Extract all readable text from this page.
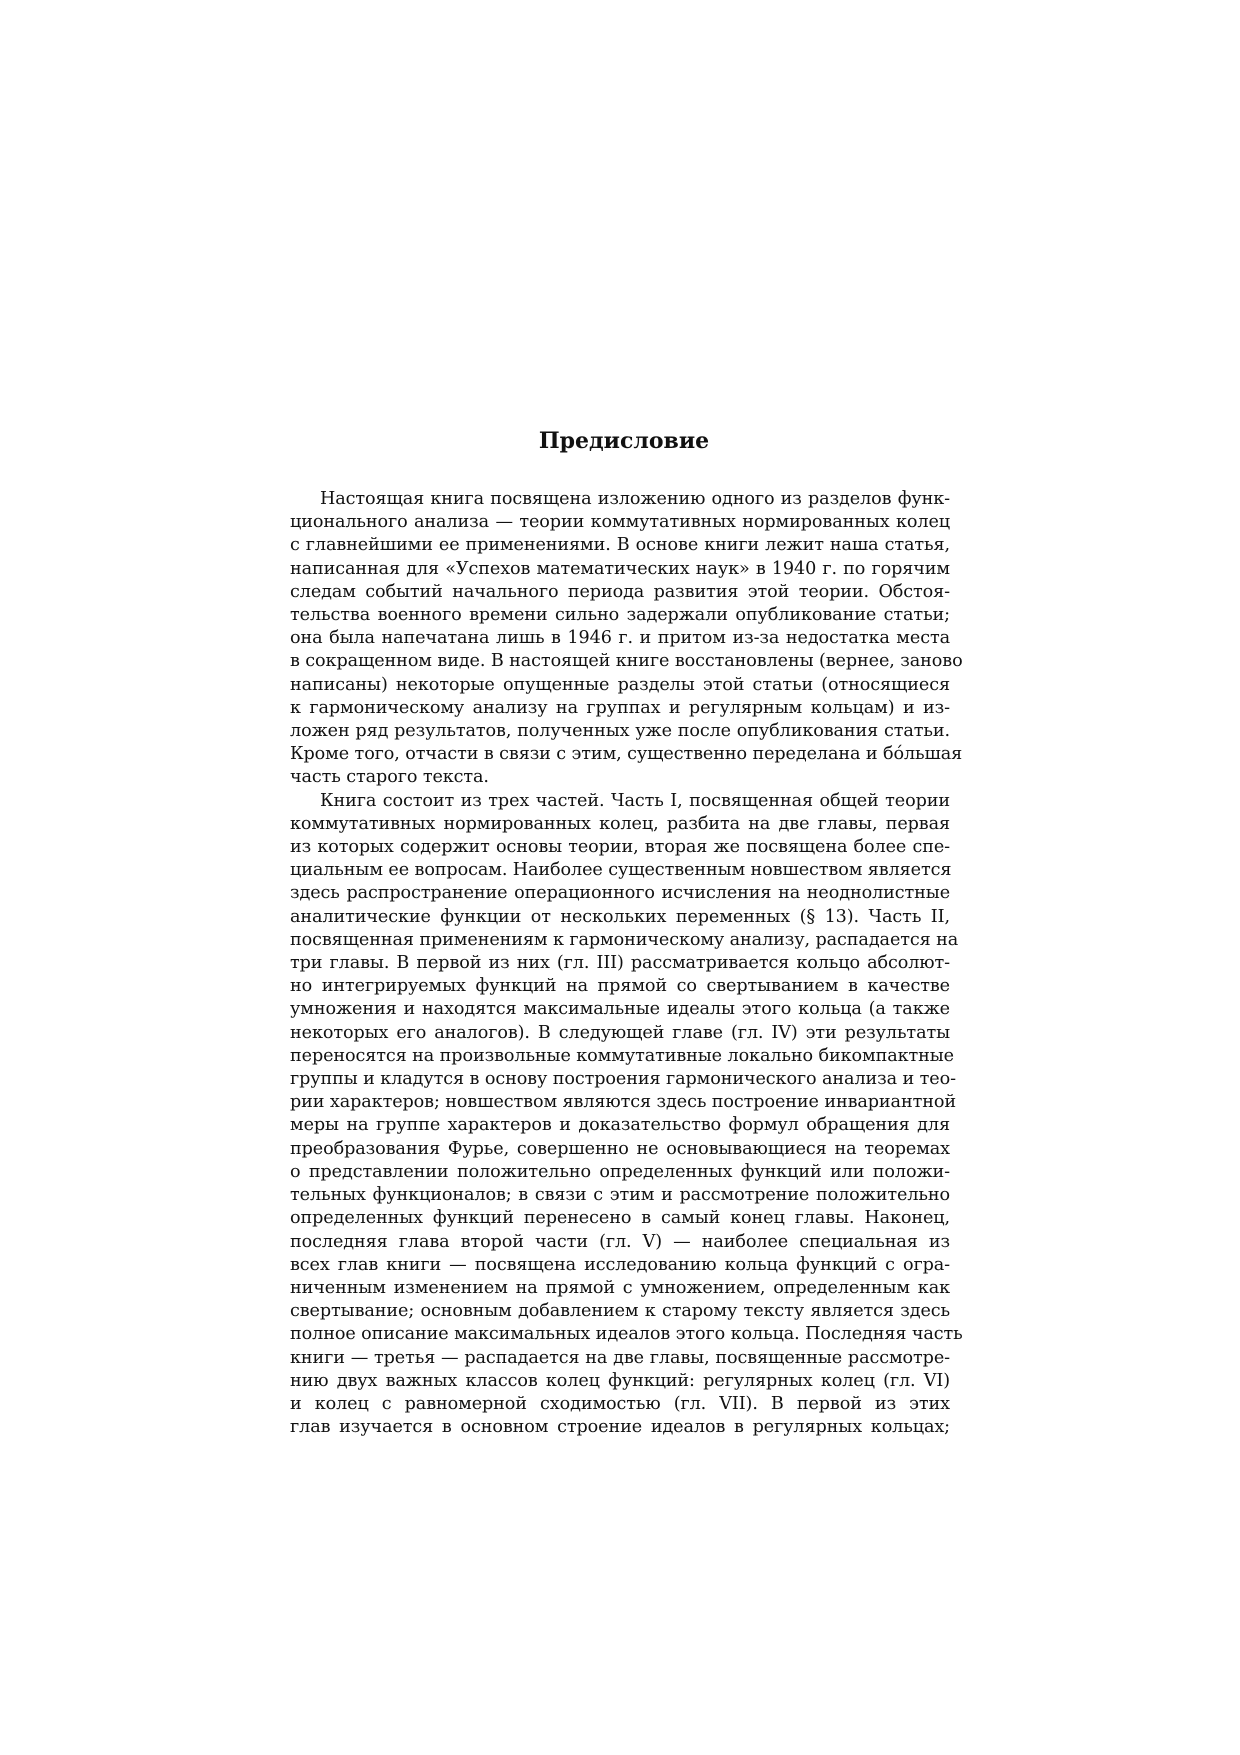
Предисловие

Настоящая книга посвящена изложению одного из разделов функ-
ционального анализа — теории коммутативных нормированных колец
с главнейшими ее применениями. В основе книги лежит наша статья,
написанная для «Успехов математических наук» в 1940 г. по горячим
следам событий начального периода развития этой теории. Обстоя-
тельства военного времени сильно задержали опубликование статьи;
она была напечатана лишь в 1946 г. и притом из-за недостатка места
в сокращенном виде. В настоящей книге восстановлены (вернее, заново
написаны) некоторые опущенные разделы этой статьи (относящиеся
к гармоническому анализу на группах и регулярным кольцам) и из-
ложен ряд результатов, полученных уже после опубликования статьи.
Кроме того, отчасти в связи с этим, существенно переделана и бóльшая
часть старого текста.

Книга состоит из трех частей. Часть I, посвященная общей теории
коммутативных нормированных колец, разбита на две главы, первая
из которых содержит основы теории, вторая же посвящена более спе-
циальным ее вопросам. Наиболее существенным новшеством является
здесь распространение операционного исчисления на неоднолистные
аналитические функции от нескольких переменных (§ 13). Часть II,
посвященная применениям к гармоническому анализу, распадается на
три главы. В первой из них (гл. III) рассматривается кольцо абсолют-
но интегрируемых функций на прямой со свертыванием в качестве
умножения и находятся максимальные идеалы этого кольца (а также
некоторых его аналогов). В следующей главе (гл. IV) эти результаты
переносятся на произвольные коммутативные локально бикомпактные
группы и кладутся в основу построения гармонического анализа и тео-
рии характеров; новшеством являются здесь построение инвариантной
меры на группе характеров и доказательство формул обращения для
преобразования Фурье, совершенно не основывающиеся на теоремах
о представлении положительно определенных функций или положи-
тельных функционалов; в связи с этим и рассмотрение положительно
определенных функций перенесено в самый конец главы. Наконец,
последняя глава второй части (гл. V) — наиболее специальная из
всех глав книги — посвящена исследованию кольца функций с огра-
ниченным изменением на прямой с умножением, определенным как
свертывание; основным добавлением к старому тексту является здесь
полное описание максимальных идеалов этого кольца. Последняя часть
книги — третья — распадается на две главы, посвященные рассмотре-
нию двух важных классов колец функций: регулярных колец (гл. VI)
и колец с равномерной сходимостью (гл. VII). В первой из этих
глав изучается в основном строение идеалов в регулярных кольцах;
